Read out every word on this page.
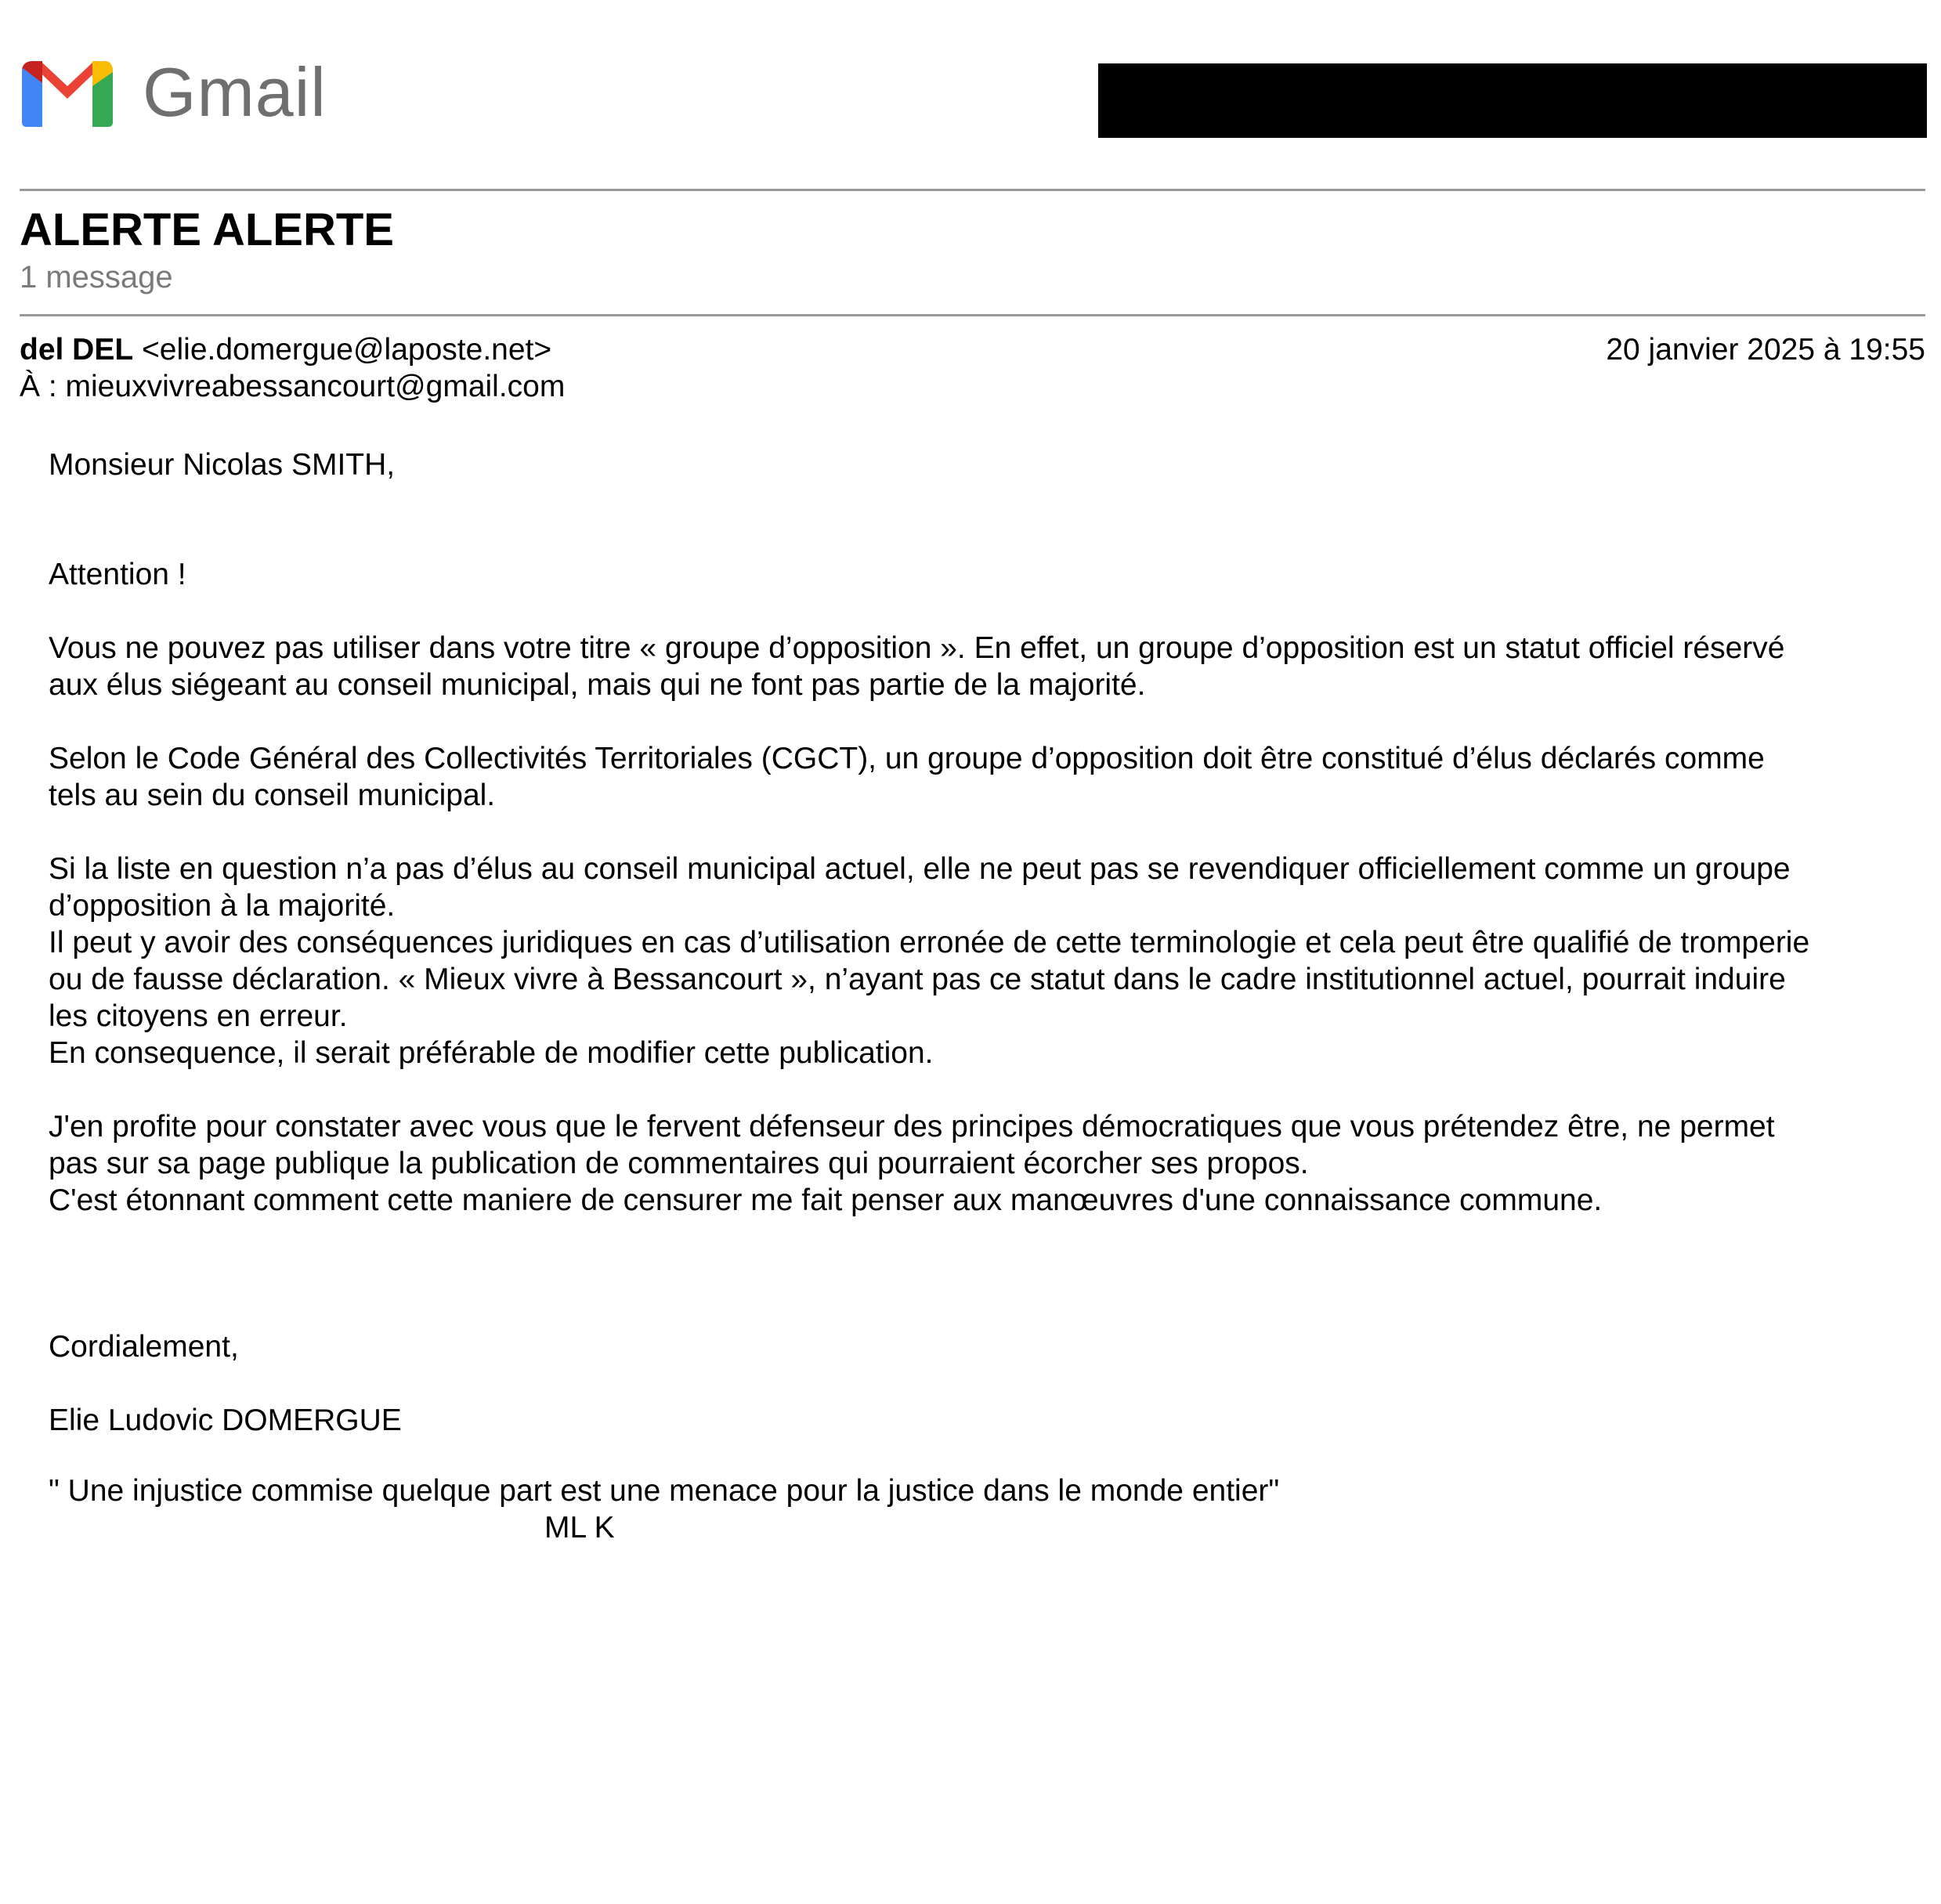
Gmail
ALERTE ALERTE
1 message
del DEL <elie.domergue@laposte.net>	20 janvier 2025 à 19:55
À : mieuxvivreabessancourt@gmail.com
Monsieur Nicolas SMITH,
Attention !

Vous ne pouvez pas utiliser dans votre titre « groupe d’opposition ». En effet, un groupe d’opposition est un statut officiel réservé

aux élus siégeant au conseil municipal, mais qui ne font pas partie de la majorité.

Selon le Code Général des Collectivités Territoriales (CGCT), un groupe d’opposition doit être constitué d’élus déclarés comme

tels au sein du conseil municipal.

Si la liste en question n’a pas d’élus au conseil municipal actuel, elle ne peut pas se revendiquer officiellement comme un groupe

d’opposition à la majorité.

Il peut y avoir des conséquences juridiques en cas d’utilisation erronée de cette terminologie et cela peut être qualifié de tromperie

ou de fausse déclaration. « Mieux vivre à Bessancourt », n’ayant pas ce statut dans le cadre institutionnel actuel, pourrait induire

les citoyens en erreur.

En consequence, il serait préférable de modifier cette publication.

J'en profite pour constater avec vous que le fervent défenseur des principes démocratiques que vous prétendez être, ne permet

pas sur sa page publique la publication de commentaires qui pourraient écorcher ses propos.

C'est étonnant comment cette maniere de censurer me fait penser aux manœuvres d'une connaissance commune.

Cordialement,
Elie Ludovic DOMERGUE
" Une injustice commise quelque part est une menace pour la justice dans le monde entier"
ML K
